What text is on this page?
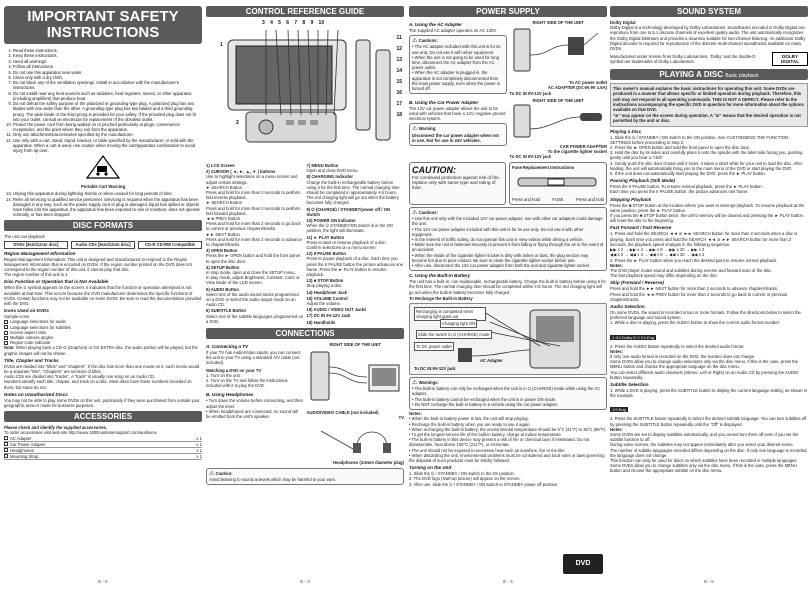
IMPORTANT SAFETY
INSTRUCTIONS
1. Read these instructions.
2. Keep these instructions.
3. Heed all warnings.
4. Follow all instructions.
5. Do not use this apparatus near water.
6. Clean only with a dry cloth.
7. Do not block any of the ventilation openings. Install in accordance with the manufacturer's instructions.
8. Do not install near any heat sources such as radiators, heat registers, stoves, or other apparatus (including amplifiers) that produce heat.
9. Do not defeat the safety purpose of the polarized or grounding-type plug. A polarized plug has two blades with one wider than the other. A grounding type plug has two blades and a third grounding prong. The wide blade or the third prong is provided for your safety. If the provided plug does not fit into your outlet, consult an electrician for replacement of the obsolete outlet.
10. Protect the power cord from being walked on or pinched particularly at plugs, convenience receptacles, and the point where they exit from the apparatus.
11. Only use attachments/accessories specified by the manufacturer.
12. Use only with a cart, stand, tripod, bracket, or table specified by the manufacturer, or sold with the apparatus. When a cart is used, use caution when moving the cart/apparatus combination to avoid injury from tip-over.
Portable Cart Warning
13. Unplug this apparatus during lightning storms or when unused for long periods of time.
14. Refer all servicing to qualified service personnel. Servicing is required when the apparatus has been damaged in any way, such as the power supply cord or plug is damaged, liquid has spilled or objects have fallen into the apparatus, the apparatus has been exposed to rain or moisture, does not operate normally, or has been dropped.
DISC FORMATS
The unit can playback
DVDs [8cm/12cm disc]	Audio CDs [8cm/12cm disc]	CD-R CD-RW Compatible
Region Management Information
Region Management Information: This unit is designed and manufactured to respond to the Region Management Information that is encoded on DVDs. If the region number printed on the DVD does not correspond to the region number of this unit, it cannot play that disc.
The region number of this unit is 1.
Disc Function or Operation that is Not Available
When the ⊘ symbol appears on the screen, it indicates that the function or operation attempted is not available at that time. This occurs because the DVD manufacturer determines the specific functions of DVDs. Certain functions may not be available on some DVDs. Be sure to read the documentation provided with the DVD.
Icons Used on DVDs
Sample icons
Language selections for audio
Language selections for subtitles
Screen aspect ratio
Multiple camera angles
Region code indicator
Note: When playing back a CD-G (Graphics) or CD EXTRA disc, the audio portion will be played, but the graphic images will not be shown.
Title, Chapter and Tracks
DVDs are divided into "titles" and "chapters". If the disc has more than one movie on it, each movie would be a separate "title". "Chapters" are sections of titles.
Audio CDs are divided into "tracks". A "track" is usually one song on an Audio CD.
Numbers identify each title, chapter, and track on a disc. Most discs have these numbers recorded on them, but some do not.
Notes on Unauthorized Discs
You may not be able to play some DVDs on this unit, particularly if they were purchased from outside your geographic area or made for business purposes.
ACCESSORIES
Please check and identify the supplied accessories.
To order accessories visit web site http://www.1800customersupport.com/audiovox
AC Adapter	x 1
Car Power Adapter	x 1
Headphones	x 1
Mounting Strap	x 1
E - 2
CONTROL REFERENCE GUIDE
3 4 5 6 7 8 9 10
1
2
11
12
13
14
15
16
17
18
1) LCD Screen
2) CURSOR ( ◄, ►, ▲, ▼ ) buttons
Use to highlight selections on a menu screen and adjust certain settings.
► SEARCH Button
Press and hold for more than 2 seconds to perform fast reverse playback.
► SEARCH Button
Press and hold for more than 2 seconds to perform fast forward playback.
◄◄ PREV Button
Press and hold for more than 2 seconds to go back to current or previous chapters/tracks.
►► NEXT Button
Press and hold for more than 2 seconds to advance to chapters/tracks.
3) OPEN Button
Press the ► OPEN button and hold the front panel to open the disc door.
4) SETUP Button
In stop mode, open and close the SETUP menu.
In play mode, adjust Brightness, Contrast, Color or View Mode of the LCD screen.
5) AUDIO Button
Select one of the audio sound tracks programmed on a DVD or select the audio output mode on an Audio CD.
6) SUBTITLE Button
Select one of the subtitle languages programmed on a DVD.
7) MENU Button
Open and close DVD menu.
8) CHARGING Indicator
Charge the built-in rechargeable battery before using it for the first time. The normal charging time should be completed in approximately 4-5 hours. The red charging light will go out when the battery becomes fully charged.
9) ⏻ (CHARGE) / STANDBY/power off / ON Switch
10) POWER ON Indicator
When the ⏻ STANDBY/ON switch is in the ON position, the light will illuminate.
11) ► PLAY Button
Press to start or resume playback of a disc.
Confirm selections on a menu screen.
12) II PAUSE Button
Press to pause playback of a disc. Each time you press the II PAUSE button the picture advances one frame. Press the ► PLAY button to resume playback.
13) ■ STOP Button
Stop playing a disc.
14) Headphone Jack
15) VOLUME Control
Adjust the volume.
16) AUDIO / VIDEO OUT Jacks
17) DC IN 9V-12V Jack
18) Handholds
CONNECTIONS
A. Connecting a TV
If your TV has Audio/Video inputs, you can connect the unit to your TV using a standard A/V cable (not included).
Watching a DVD on your TV
1. Turn on the unit.
2. Turn on the TV and follow the instructions included with it to play the DVD.
B. Using Headphones
• Turn down the volume before connecting, and then adjust the level.
• When headphones are connected, no sound will be emitted from the unit's speaker.
RIGHT SIDE OF THE UNIT
AUDIO/VIDEO CABLE (not included)
TV
Headphones (3.5mm diameter plug)
⚠ Caution:
Avoid listening to sound at levels which may be harmful to your ears.
E - 3
POWER SUPPLY
A. Using the AC Adapter
The supplied AC adapter operates on AC 120V.
⚠ Cautions:
• The AC adapter included with this unit is for its use only. Do not use it with other equipment.
• When the unit is not going to be used for long time, disconnect the AC adapter from the AC power outlet.
• When the AC adapter is plugged in, the apparatus is not completely disconnected from the main power supply, even when the power is turned off.
RIGHT SIDE OF THE UNIT
To AC power outlet
AC ADAPTER (DC-IN 9V 1.5A)
To DC IN 9V-12V jack
B. Using the Car Power Adapter
The 12V car power adapter allows the unit to be used with vehicles that have a 12V, negative ground electrical system.
⚠ Warning:
Disconnect the car power adapter when not in use. Not for use in 24V vehicles.
RIGHT SIDE OF THE UNIT
CAR POWER ADAPTER
To the cigarette lighter socket
To DC IN 9V-12V jack
CAUTION:
For continued protection against risk of fire, replace only with same type and rating of fuse.
Fuse Replacement Instructions
Press and hold	FUSE	Press and hold
⚠ Cautions:
• Use this unit only with the included 12V car power adapter; use with other car adapters could damage the unit.
• The 12V car power adapter included with this unit is for its use only. Do not use it with other equipment.
• In the interest of traffic safety, do not operate this unit or view videos while driving a vehicle.
• Make sure the unit is fastened securely to prevent it from falling or flying through the air in the event of an accident.
• When the inside of the cigarette lighter socket is dirty with ashes or dust, the plug section may become hot due to poor contact. Be sure to clean the cigarette lighter socket before use.
• After use, disconnect the 12V car power adapter from both the unit and cigarette lighter socket.
C. Using the Built-in Battery
The unit has a built-in, non-replaceable, rechargeable battery. Charge the built-in battery before using it for the first time. The normal charging time should be completed within 4-5 hours. The red charging light will go out when the built-in battery becomes fully charged.
To Recharge the Built-in Battery
Recharging is completed when charging light goes out
Charging light ON
Slide the switch to ⏻ (CHARGE) mode
To DC power outlet
AC Adapter
To DC IN 9V-12V jack
⚠ Warnings:
• The built-in battery can only be recharged when the unit is in ⏻ (CHARGE) mode while using the AC adapter.
• The built-in battery cannot be recharged when the unit is in power ON mode.
• Do NOT recharge the built-in battery in a vehicle using the car power adapter.
Notes:
• When the built-in battery power is low, the unit will stop playing.
• Recharge the built-in battery when you are ready to use it again.
• When recharging the built-in battery, the environmental temperature should be 5°C (41°F) to 35°C (95°F).
• To get the longest service life of the built-in battery, charge at indoor temperature.
• The built-in battery in this device may present a risk of fire or chemical burn if mistreated. Do not disassemble, heat above 100°C (212°F), or incinerate.
• The unit should not be exposed to excessive heat such as sunshine, fire or the like.
• When discarding the unit, environmental problems must be considered and local rules or laws governing the disposal of such products must be strictly followed.
Turning on the Unit
1. Slide the ⏻ / STANDBY / ON switch to the On position.
2. The DVD logo (start-up picture) will appear on the screen.
3. After use, slide the ⏻ / STANDBY / ON switch to STANDBY power off position.
DVD
E - 4
SOUND SYSTEM
Dolby Digital
Dolby Digital is a technology developed by Dolby Laboratories. Soundtracks encoded in Dolby Digital can reproduce from one to 5.1 discrete channels of excellent quality audio. The unit automatically recognizes the Dolby Digital bitstream and provides a downmix suitable for two-channel listening. An additional Dolby Digital decoder is required for reproduction of the discrete multi-channel soundtracks available on many DVDs.
Manufactured under license from Dolby Laboratories. 'Dolby' and the double-D symbol are trademarks of Dolby Laboratories.
DOLBY DIGITAL
PLAYING A DISC Basic playback
This owner's manual explains the basic instructions for operating this unit. Some DVDs are produced in a manner that allows specific or limited operation during playback. Therefore, this unit may not respond to all operating commands. THIS IS NOT A DEFECT. Please refer to the instructions accompanying the specific DVD in question for more information about the options available on that DVD.
"⊘" may appear on the screen during operation. A "⊘" means that the desired operation is not permitted by the unit or disc.
Playing a Disc
1. Slide the ⏻ / STANDBY / ON switch to the ON position. See CUSTOMIZING THE FUNCTION SETTINGS before proceeding to step 2.
2. Press the ► OPEN button and hold the front panel to open the disc door.
3. Hold the disc by its sides and carefully place it onto the spindle with the label side facing you, pushing gently until you hear a "click".
4. Gently push the disc door closed until it locks. It takes a short while for your unit to load the disc. After loading, the unit will automatically bring you to the main menu of the DVD or start playing the DVD.
5. If the unit does not automatically start playing the DVD, press the ► PLAY button.
Pausing Playback (Still Mode)
Press the II PAUSE button. To resume normal playback, press the ► PLAY button.
Each time you press the II PAUSE button, the picture advances one frame.
Stopping Playback
Press the ■ STOP button at the location where you want to interrupt playback. To resume playback at the same position, press the ► PLAY button.
If you press the ■ STOP button twice, the unit's memory will be cleared and pressing the ► PLAY button will reset the disc to the beginning.
Fast Forward / Fast Reverse
1. Press and hold the SEARCH ◄◄ or ►► SEARCH button for more than 2 seconds when a disc is playing. Each time you press and hold the SEARCH ◄◄ or ►► SEARCH button for more than 2 seconds, the playback speed changes in the following sequence:
▶▶ x 2 → ▶▶ x 4 → ▶▶ x 8 → ▶▶ x 20 → ▶▶ x 2
◀◀ x 2 → ◀◀ x 4 → ◀◀ x 8 → ◀◀ x 20 → ◀◀ x 2
2. Press the ► PLAY button when you reach the desired point to resume normal playback.
Notes:
The DVD player mutes sound and subtitles during reverse and forward scan of the disc.
The fast playback speed may differ depending on the disc.
Skip (Forward / Reverse)
Press and hold the ►► NEXT button for more than 2 seconds to advance chapters/tracks.
Press and hold the ◄◄ PREV button for more than 2 seconds to go back to current or previous chapters/tracks.
Audio Selection
On some DVDs, the sound is recorded in two or more formats. Follow the directions below to select the preferred language and sound system.
1. While a disc is playing, press the AUDIO button to show the current audio format number.
1 2/4 Dolby D 2 Ch Eng
2. Press the AUDIO button repeatedly to select the desired audio format.
Notes:
If only one audio format is recorded on the DVD, the number does not change.
Some DVDs allow you to change audio selections only via the disc menu. If this is the case, press the MENU button and choose the appropriate language on the disc menu.
You can select different audio channels (Stereo, Left or Right) on an Audio CD by pressing the AUDIO button repeatedly.
Subtitle Selection
1. While a DVD is playing, press the SUBTITLE button to display the current language setting, as shown in the example.
1/3 Eng
2. Press the SUBTITLE button repeatedly to select the desired subtitle language. You can turn subtitles off by pressing the SUBTITLE button repeatedly until the "Off" is displayed.
Notes:
Some DVDs are set to display subtitles automatically, and you cannot turn them off even if you set the subtitle function to off.
During some scenes, the subtitles may not appear immediately after you select your desired scene.
The number of subtitle languages recorded differs depending on the disc. If only one language is recorded, the language does not change.
This function can only be used for discs on which subtitles have been recorded in multiple languages.
Some DVDs allow you to change subtitles only via the disc menu. If this is the case, press the MENU button and choose the appropriate subtitle on the disc menu.
E - 5
